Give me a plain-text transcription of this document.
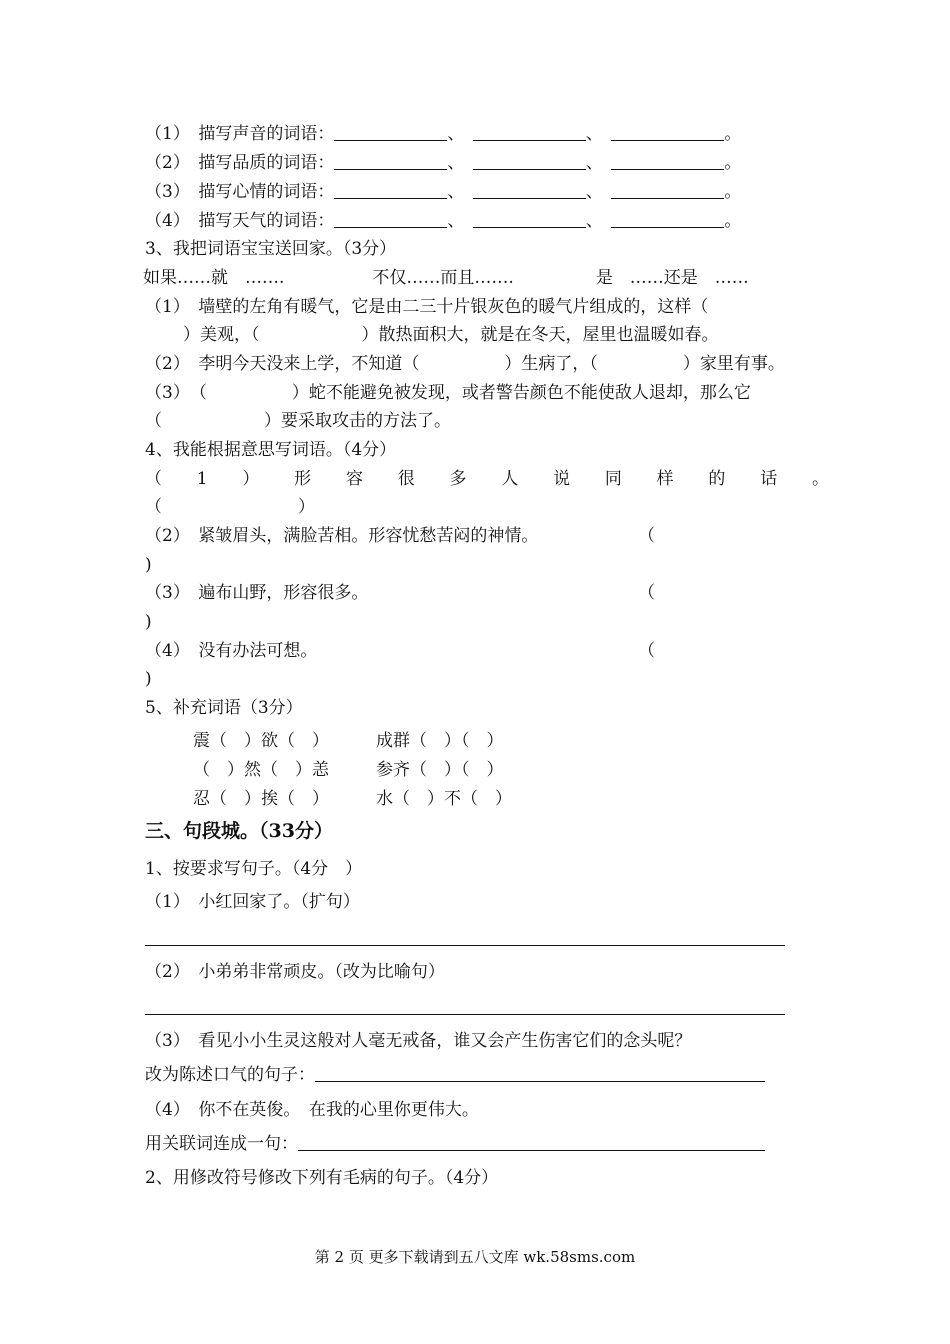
（1）　 描写声音的词语：	、　	、　	。
（2）　 描写品质的词语：	、　	、　	。
（3）　 描写心情的词语：	、　	、　	。
（4）　 描写天气的词语：	、　	、　	。
3、我把词语宝宝送回家。（3分）
如果……就　…….	不仅……而且…….	是　……还是　……
（1）　墙壁的左角有暖气，它是由二三十片银灰色的暖气片组成的，这样（
）美观，（　　　　　　）散热面积大，就是在冬天，屋里也温暖如春。
（2）　李明今天没来上学，不知道（　　　　　）生病了，（　　　　　）家里有事。
（3）　（　　　　　）蛇不能避免被发现，或者警告颜色不能使敌人退却，那么它
（　　　　　　）要采取攻击的方法了。
4、我能根据意思写词语。（4分）
（ 1 ） 形 容 很 多 人 说 同 样 的 话 。
（　　　　　　　　）
（2）　紧皱眉头，满脸苦相。形容忧愁苦闷的神情。	（
)
（3）　遍布山野，形容很多。	（
)
（4）　没有办法可想。	（
)
5、补充词语（3分）
震（　）欲（　）	成群（　）（　）
（　）然（　）恙	参齐（　）（　）
忍（　）挨（　）	水（　）不（　）
三、句段城。（33分）
1、按要求写句子。（4分　）
（1）　小红回家了。（扩句）
（2）　小弟弟非常顽皮。（改为比喻句）
（3）　看见小小生灵这般对人毫无戒备，谁又会产生伤害它们的念头呢？
改为陈述口气的句子：
（4）　你不在英俊。　在我的心里你更伟大。
用关联词连成一句：
2、用修改符号修改下列有毛病的句子。（4分）
第 2 页 更多下载请到五八文库 wk.58sms.com
